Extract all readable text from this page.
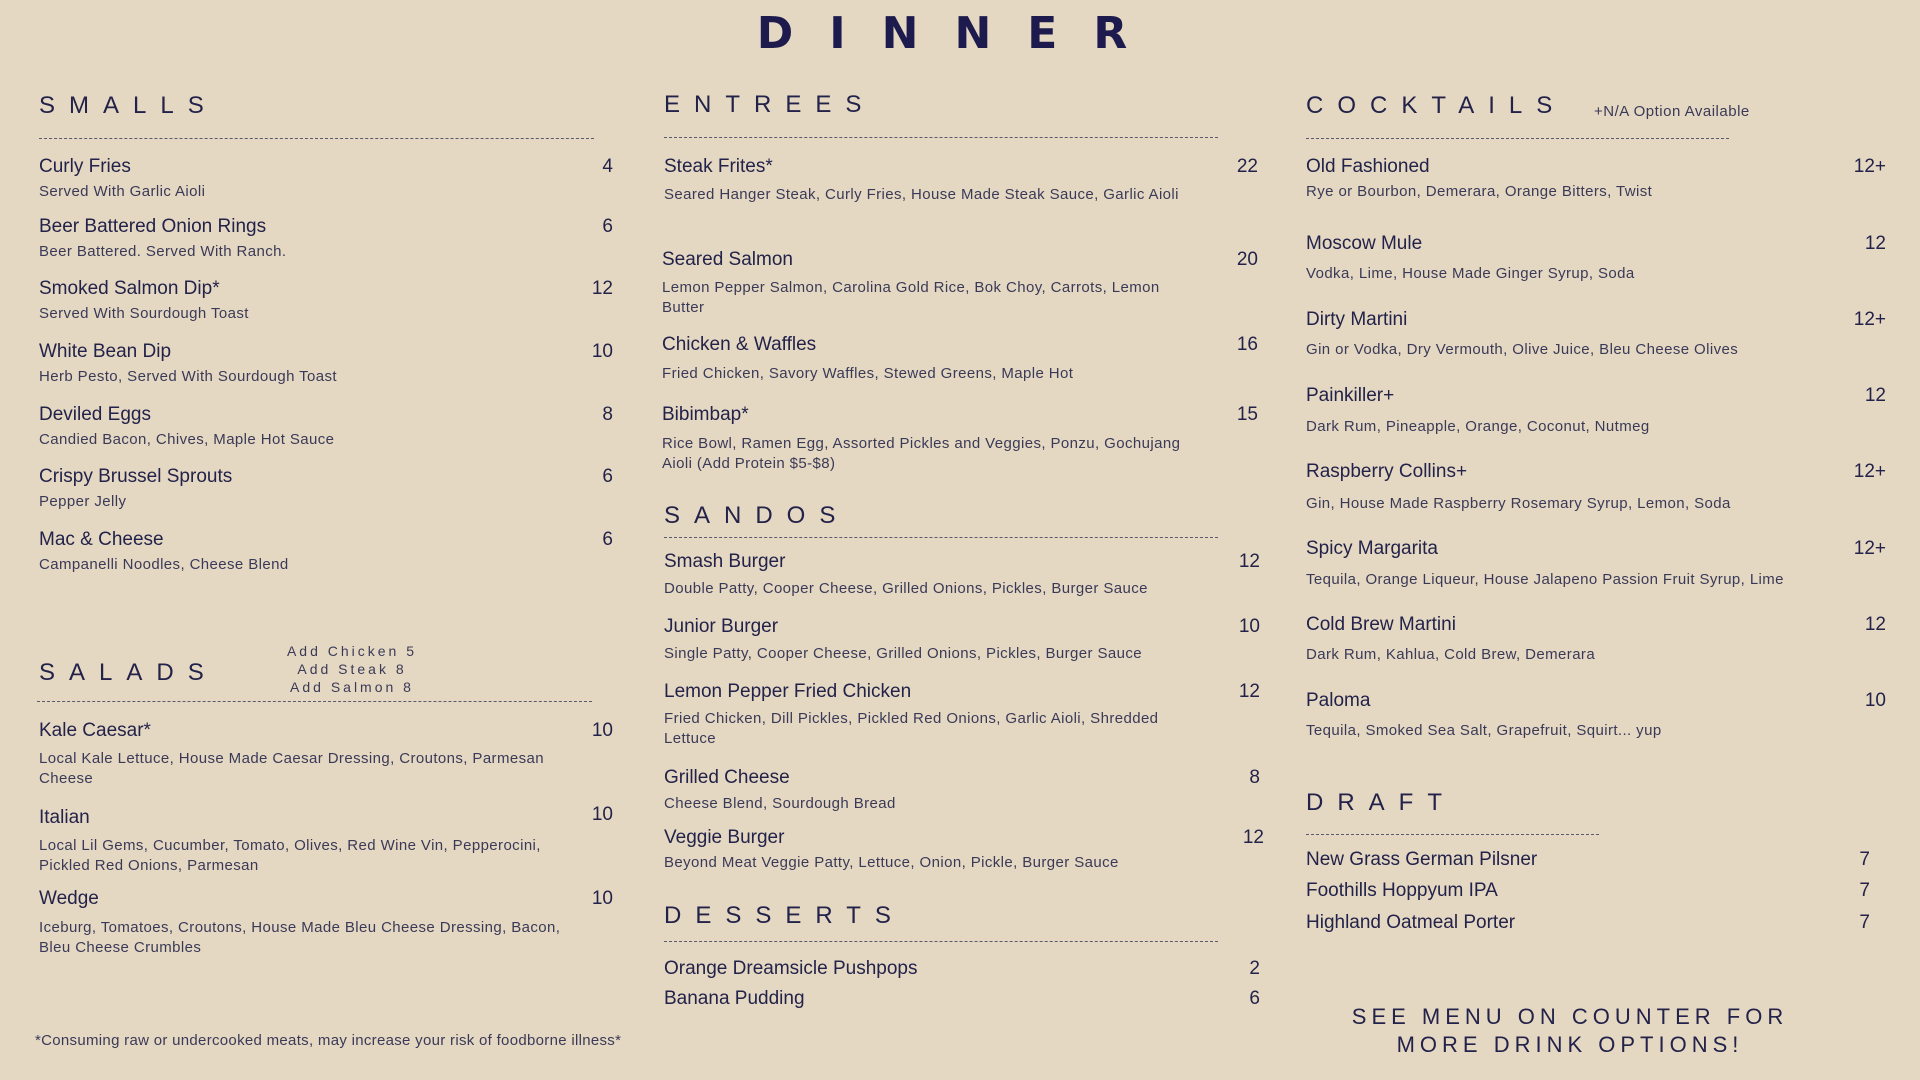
DINNER
SMALLS
Curly Fries	4
Served With Garlic Aioli
Beer Battered Onion Rings	6
Beer Battered. Served With Ranch.
Smoked Salmon Dip*	12
Served With Sourdough Toast
White Bean Dip	10
Herb Pesto, Served With Sourdough Toast
Deviled Eggs	8
Candied Bacon, Chives, Maple Hot Sauce
Crispy Brussel Sprouts	6
Pepper Jelly
Mac & Cheese	6
Campanelli Noodles, Cheese Blend
SALADS
Add Chicken 5
Add Steak 8
Add Salmon 8
Kale Caesar*	10
Local Kale Lettuce, House Made Caesar Dressing, Croutons, Parmesan Cheese
Italian	10
Local Lil Gems, Cucumber, Tomato, Olives, Red Wine Vin, Pepperocini, Pickled Red Onions, Parmesan
Wedge	10
Iceburg, Tomatoes, Croutons, House Made Bleu Cheese Dressing, Bacon, Bleu Cheese Crumbles
*Consuming raw or undercooked meats, may increase your risk of foodborne illness*
ENTREES
Steak Frites*	22
Seared Hanger Steak, Curly Fries, House Made Steak Sauce, Garlic Aioli
Seared Salmon	20
Lemon Pepper Salmon, Carolina Gold Rice, Bok Choy, Carrots, Lemon Butter
Chicken & Waffles	16
Fried Chicken, Savory Waffles, Stewed Greens, Maple Hot
Bibimbap*	15
Rice Bowl, Ramen Egg, Assorted Pickles and Veggies, Ponzu, Gochujang Aioli (Add Protein $5-$8)
SANDOS
Smash Burger	12
Double Patty, Cooper Cheese, Grilled Onions, Pickles, Burger Sauce
Junior Burger	10
Single Patty, Cooper Cheese, Grilled Onions, Pickles, Burger Sauce
Lemon Pepper Fried Chicken	12
Fried Chicken, Dill Pickles, Pickled Red Onions, Garlic Aioli, Shredded Lettuce
Grilled Cheese	8
Cheese Blend, Sourdough Bread
Veggie Burger	12
Beyond Meat Veggie Patty, Lettuce, Onion, Pickle, Burger Sauce
DESSERTS
Orange Dreamsicle Pushpops	2
Banana Pudding	6
COCKTAILS +N/A Option Available
Old Fashioned	12+
Rye or Bourbon, Demerara, Orange Bitters, Twist
Moscow Mule	12
Vodka, Lime, House Made Ginger Syrup, Soda
Dirty Martini	12+
Gin or Vodka, Dry Vermouth, Olive Juice, Bleu Cheese Olives
Painkiller+	12
Dark Rum, Pineapple, Orange, Coconut, Nutmeg
Raspberry Collins+	12+
Gin, House Made Raspberry Rosemary Syrup, Lemon, Soda
Spicy Margarita	12+
Tequila, Orange Liqueur, House Jalapeno Passion Fruit Syrup, Lime
Cold Brew Martini	12
Dark Rum, Kahlua, Cold Brew, Demerara
Paloma	10
Tequila, Smoked Sea Salt, Grapefruit, Squirt... yup
DRAFT
New Grass German Pilsner	7
Foothills Hoppyum IPA	7
Highland Oatmeal Porter	7
SEE MENU ON COUNTER FOR
MORE DRINK OPTIONS!
